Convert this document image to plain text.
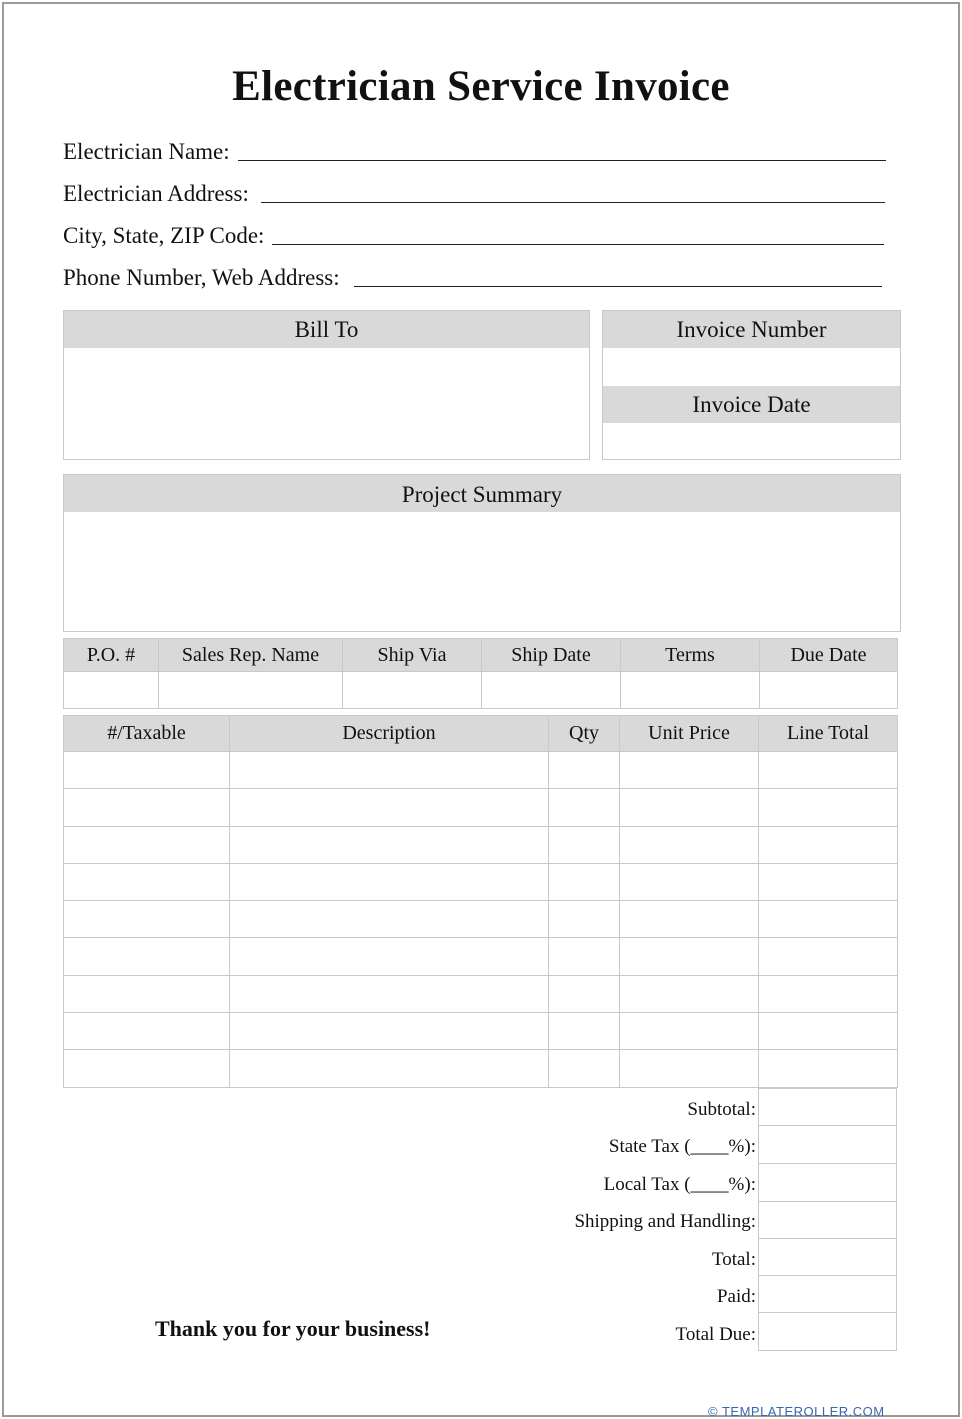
Electrician Service Invoice
Electrician Name:
Electrician Address:
City, State, ZIP Code:
Phone Number, Web Address:
Bill To	Invoice Number
Invoice Date
Project Summary
P.O. #	Sales Rep. Name	Ship Via	Ship Date	Terms	Due Date

#/Taxable	Description	Qty	Unit Price	Line Total

Subtotal:
State Tax (____%):
Local Tax (____%):
Shipping and Handling:
Total:
Paid:
Total Due:
Thank you for your business!
© TEMPLATEROLLER.COM
